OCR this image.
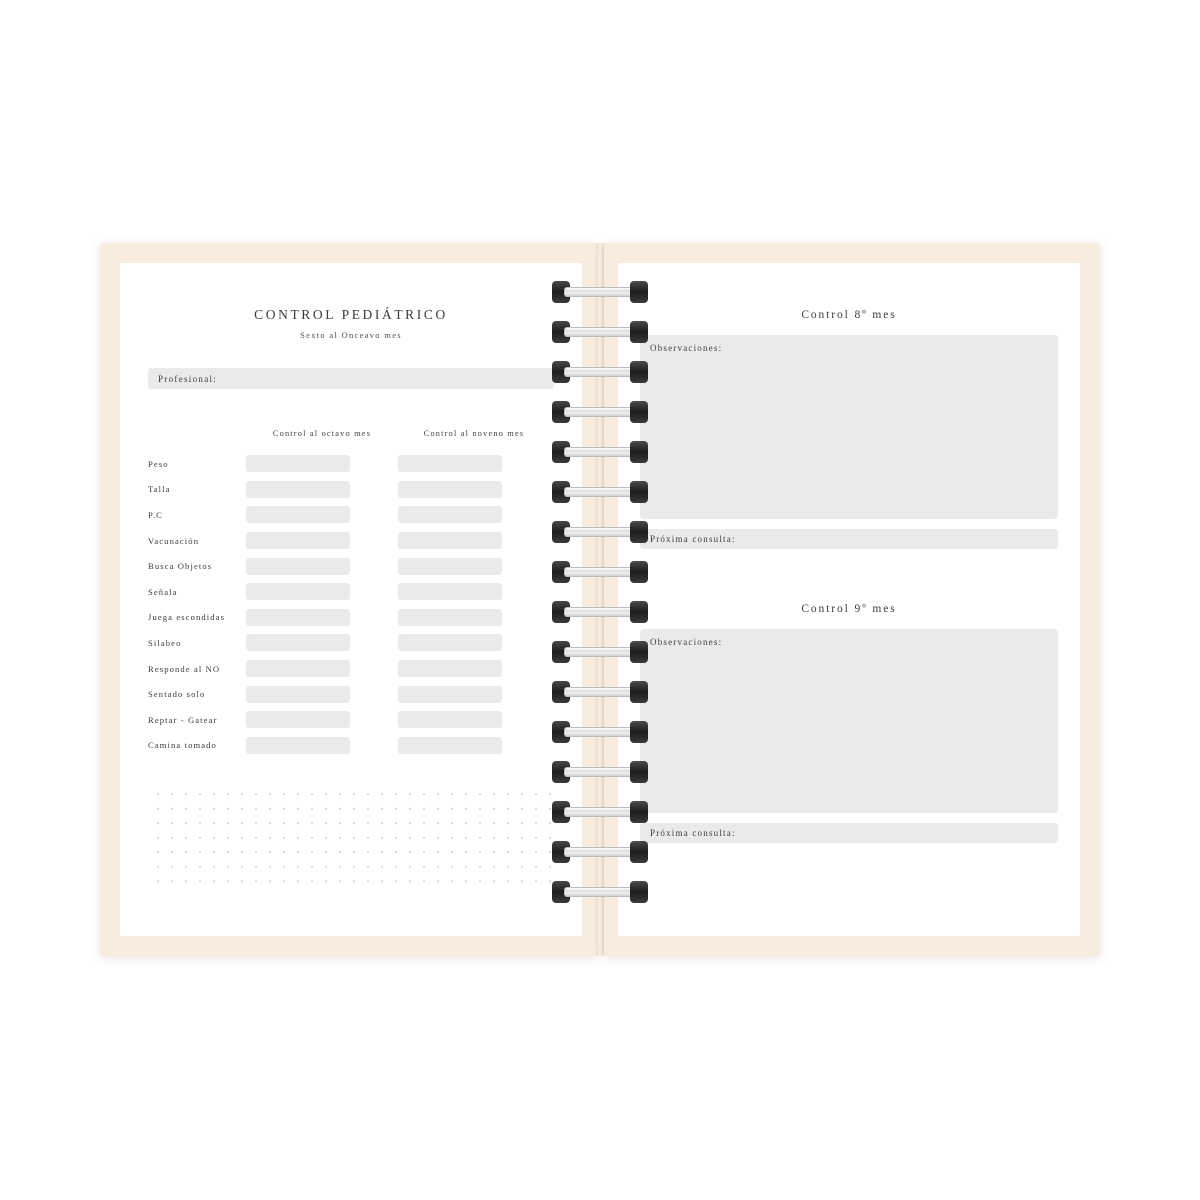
CONTROL PEDIÁTRICO
Sexto al Onceavo mes
Profesional:
Control al octavo mes	Control al noveno mes
Peso
Talla
P.C
Vacunación
Busca Objetos
Señala
Juega escondidas
Silabeo
Responde al NO
Sentado solo
Reptar - Gatear
Camina tomado
Control 8º mes
Observaciones:
Próxima consulta:
Control 9º mes
Observaciones:
Próxima consulta:
